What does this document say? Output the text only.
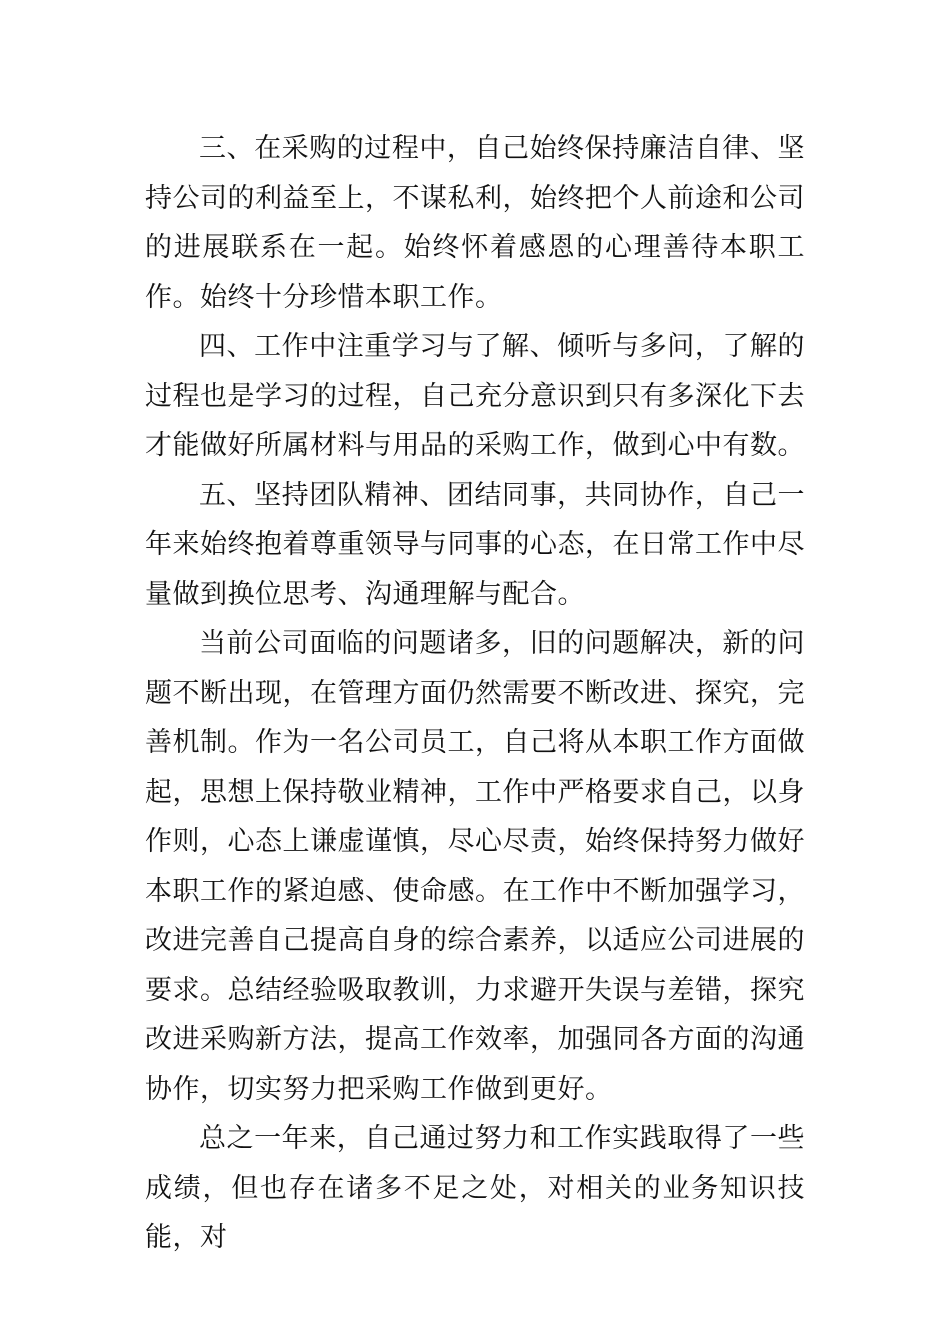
三、在采购的过程中，自己始终保持廉洁自律、坚持公司的利益至上，不谋私利，始终把个人前途和公司的进展联系在一起。始终怀着感恩的心理善待本职工作。始终十分珍惜本职工作。

四、工作中注重学习与了解、倾听与多问，了解的过程也是学习的过程，自己充分意识到只有多深化下去才能做好所属材料与用品的采购工作，做到心中有数。

五、坚持团队精神、团结同事，共同协作，自己一年来始终抱着尊重领导与同事的心态，在日常工作中尽量做到换位思考、沟通理解与配合。

当前公司面临的问题诸多，旧的问题解决，新的问题不断出现，在管理方面仍然需要不断改进、探究，完善机制。作为一名公司员工，自己将从本职工作方面做起，思想上保持敬业精神，工作中严格要求自己，以身作则，心态上谦虚谨慎，尽心尽责，始终保持努力做好本职工作的紧迫感、使命感。在工作中不断加强学习，改进完善自己提高自身的综合素养，以适应公司进展的要求。总结经验吸取教训，力求避开失误与差错，探究改进采购新方法，提高工作效率，加强同各方面的沟通协作，切实努力把采购工作做到更好。

总之一年来，自己通过努力和工作实践取得了一些成绩，但也存在诸多不足之处，对相关的业务知识技能，对
